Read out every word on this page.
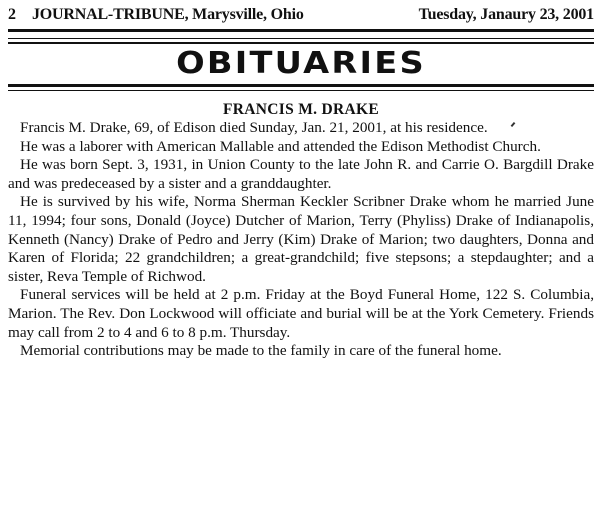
2	JOURNAL-TRIBUNE, Marysville, Ohio	Tuesday, Janaury 23, 2001
OBITUARIES
FRANCIS M. DRAKE

Francis M. Drake, 69, of Edison died Sunday, Jan. 21, 2001, at his residence.

He was a laborer with American Mallable and attended the Edison Methodist Church.

He was born Sept. 3, 1931, in Union County to the late John R. and Carrie O. Bargdill Drake and was predeceased by a sister and a granddaughter.

He is survived by his wife, Norma Sherman Keckler Scribner Drake whom he married June 11, 1994; four sons, Donald (Joyce) Dutcher of Marion, Terry (Phyliss) Drake of Indianapolis, Kenneth (Nancy) Drake of Pedro and Jerry (Kim) Drake of Marion; two daughters, Donna and Karen of Florida; 22 grandchildren; a great-grandchild; five stepsons; a stepdaughter; and a sister, Reva Temple of Richwod.

Funeral services will be held at 2 p.m. Friday at the Boyd Funeral Home, 122 S. Columbia, Marion. The Rev. Don Lockwood will officiate and burial will be at the York Cemetery. Friends may call from 2 to 4 and 6 to 8 p.m. Thursday.

Memorial contributions may be made to the family in care of the funeral home.
